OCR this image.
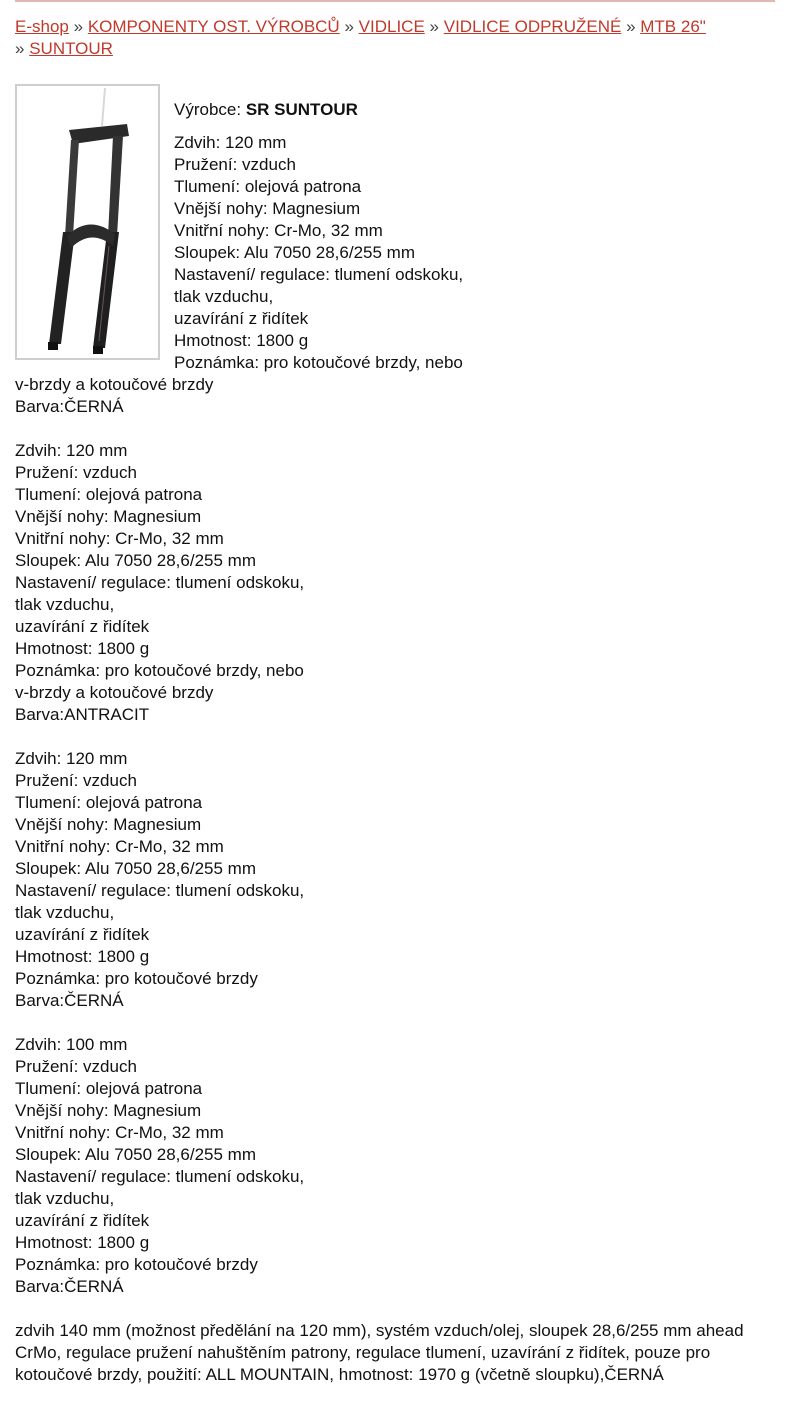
E-shop » KOMPONENTY OST. VÝROBCŮ » VIDLICE » VIDLICE ODPRUŽENÉ » MTB 26"
» SUNTOUR
Výrobce: SR SUNTOUR
Zdvih: 120 mm
Pružení: vzduch
Tlumení: olejová patrona
Vnější nohy: Magnesium
Vnitřní nohy: Cr-Mo, 32 mm
Sloupek: Alu 7050 28,6/255 mm
Nastavení/ regulace: tlumení odskoku,
tlak vzduchu,
uzavírání z řidítek
Hmotnost: 1800 g
Poznámka: pro kotoučové brzdy, nebo
v-brzdy a kotoučové brzdy
Barva:ČERNÁ
Zdvih: 120 mm
Pružení: vzduch
Tlumení: olejová patrona
Vnější nohy: Magnesium
Vnitřní nohy: Cr-Mo, 32 mm
Sloupek: Alu 7050 28,6/255 mm
Nastavení/ regulace: tlumení odskoku,
tlak vzduchu,
uzavírání z řidítek
Hmotnost: 1800 g
Poznámka: pro kotoučové brzdy, nebo
v-brzdy a kotoučové brzdy
Barva:ANTRACIT
Zdvih: 120 mm
Pružení: vzduch
Tlumení: olejová patrona
Vnější nohy: Magnesium
Vnitřní nohy: Cr-Mo, 32 mm
Sloupek: Alu 7050 28,6/255 mm
Nastavení/ regulace: tlumení odskoku,
tlak vzduchu,
uzavírání z řidítek
Hmotnost: 1800 g
Poznámka: pro kotoučové brzdy
Barva:ČERNÁ
Zdvih: 100 mm
Pružení: vzduch
Tlumení: olejová patrona
Vnější nohy: Magnesium
Vnitřní nohy: Cr-Mo, 32 mm
Sloupek: Alu 7050 28,6/255 mm
Nastavení/ regulace: tlumení odskoku,
tlak vzduchu,
uzavírání z řidítek
Hmotnost: 1800 g
Poznámka: pro kotoučové brzdy
Barva:ČERNÁ
zdvih 140 mm (možnost předělání na 120 mm), systém vzduch/olej, sloupek 28,6/255 mm ahead CrMo, regulace pružení nahuštěním patrony, regulace tlumení, uzavírání z řidítek, pouze pro kotoučové brzdy, použití: ALL MOUNTAIN, hmotnost: 1970 g (včetně sloupku),ČERNÁ
